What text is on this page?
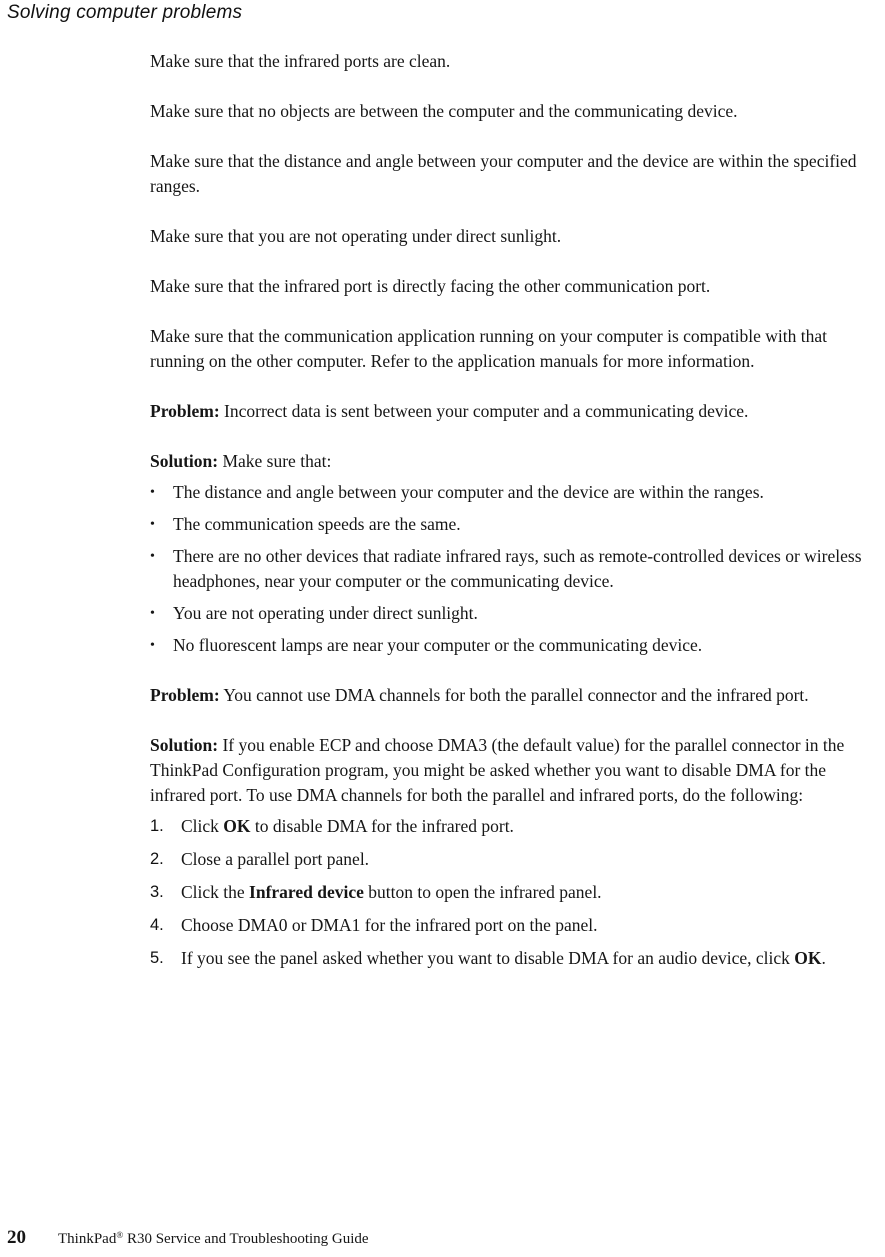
Solving computer problems

Make sure that the infrared ports are clean.

Make sure that no objects are between the computer and the communicating device.

Make sure that the distance and angle between your computer and the device are within the specified ranges.

Make sure that you are not operating under direct sunlight.

Make sure that the infrared port is directly facing the other communication port.

Make sure that the communication application running on your computer is compatible with that running on the other computer. Refer to the application manuals for more information.

Problem: Incorrect data is sent between your computer and a communicating device.

Solution: Make sure that:

•	The distance and angle between your computer and the device are within the ranges.
•	The communication speeds are the same.
•	There are no other devices that radiate infrared rays, such as remote-controlled devices or wireless headphones, near your computer or the communicating device.
•	You are not operating under direct sunlight.
•	No fluorescent lamps are near your computer or the communicating device.

Problem: You cannot use DMA channels for both the parallel connector and the infrared port.

Solution: If you enable ECP and choose DMA3 (the default value) for the parallel connector in the ThinkPad Configuration program, you might be asked whether you want to disable DMA for the infrared port. To use DMA channels for both the parallel and infrared ports, do the following:

1. Click OK to disable DMA for the infrared port.
2. Close a parallel port panel.
3. Click the Infrared device button to open the infrared panel.
4. Choose DMA0 or DMA1 for the infrared port on the panel.
5. If you see the panel asked whether you want to disable DMA for an audio device, click OK.
20 ThinkPad® R30 Service and Troubleshooting Guide
